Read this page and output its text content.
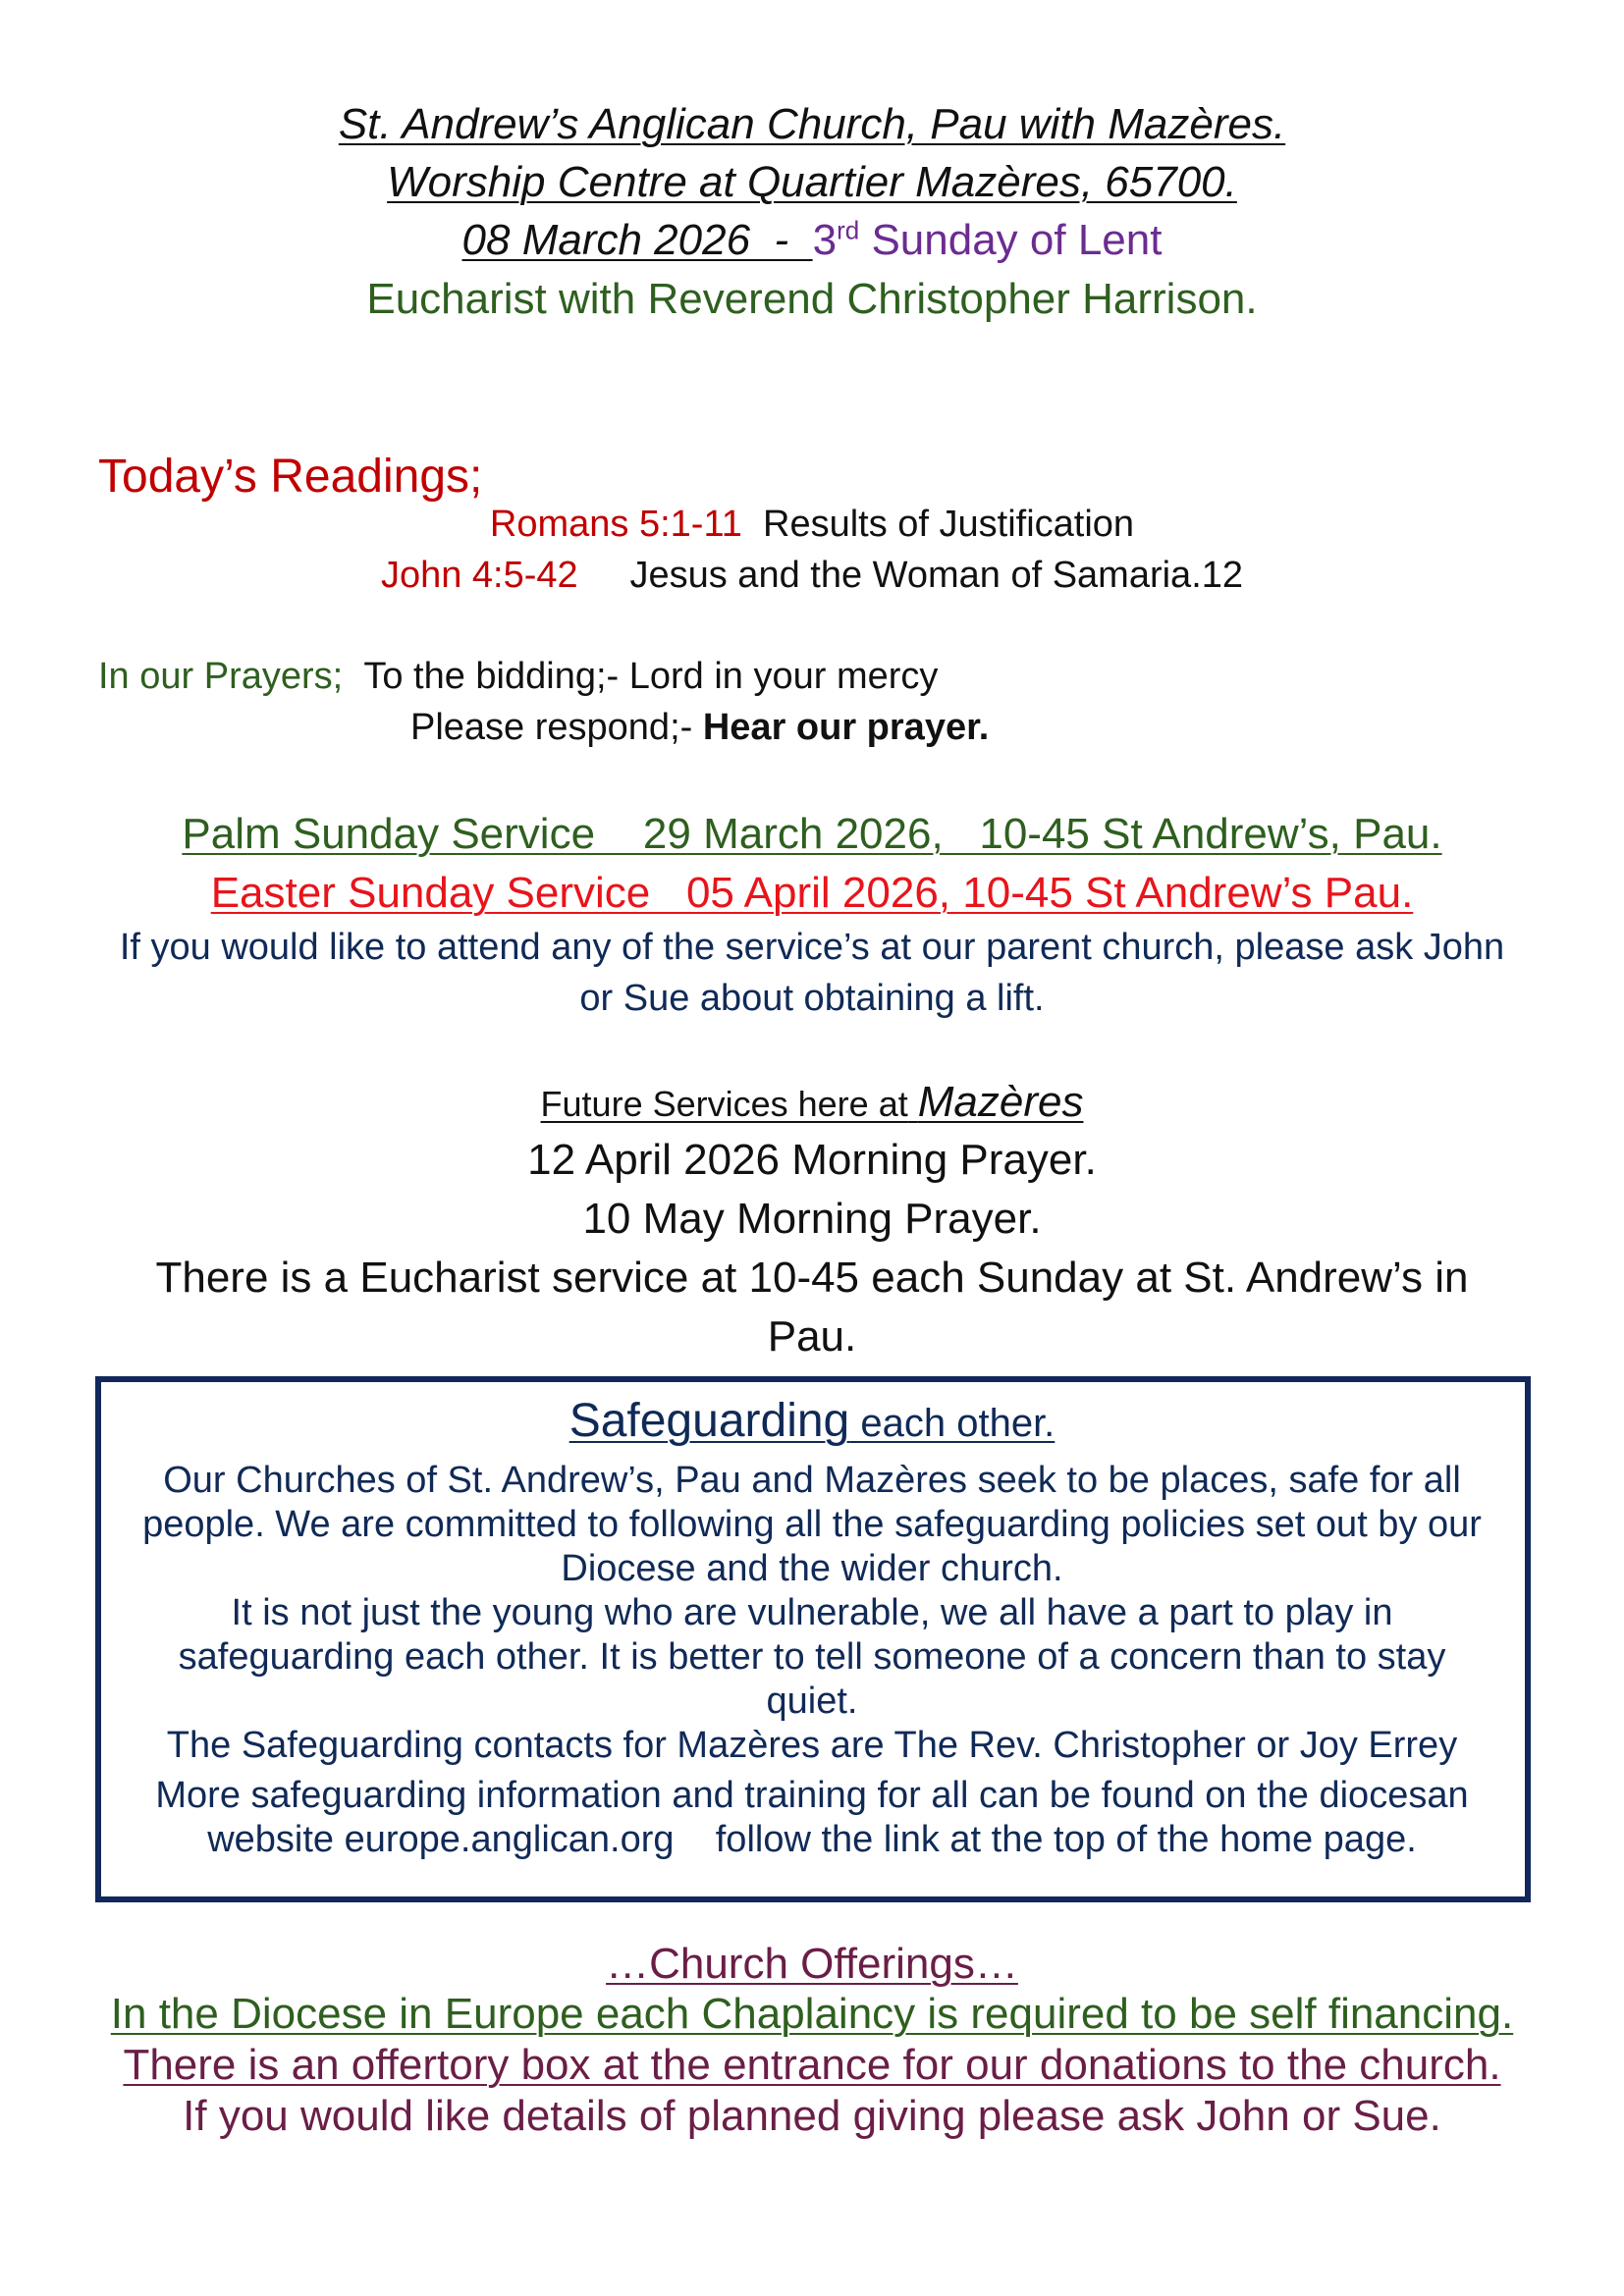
St. Andrew’s Anglican Church, Pau with Mazères.
Worship Centre at Quartier Mazères, 65700.
08 March 2026  -  3rd Sunday of Lent
Eucharist with Reverend Christopher Harrison.
Today’s Readings;
Romans 5:1-11 Results of Justification
John 4:5-42 Jesus and the Woman of Samaria.12
In our Prayers; To the bidding;- Lord in your mercy
Please respond;- Hear our prayer.
Palm Sunday Service    29 March 2026,   10-45 St Andrew’s, Pau.
Easter Sunday Service   05 April 2026, 10-45 St Andrew’s Pau.
If you would like to attend any of the service’s at our parent church, please ask John
or Sue about obtaining a lift.
Future Services here at Mazères
12 April 2026 Morning Prayer.
10 May Morning Prayer.
There is a Eucharist service at 10-45 each Sunday at St. Andrew’s in
Pau.
Safeguarding each other.
Our Churches of St. Andrew’s, Pau and Mazères seek to be places, safe for all
people. We are committed to following all the safeguarding policies set out by our
Diocese and the wider church.
It is not just the young who are vulnerable, we all have a part to play in
safeguarding each other. It is better to tell someone of a concern than to stay
quiet.
The Safeguarding contacts for Mazères are The Rev. Christopher or Joy Errey
More safeguarding information and training for all can be found on the diocesan
website europe.anglican.org    follow the link at the top of the home page.
…Church Offerings…
In the Diocese in Europe each Chaplaincy is required to be self financing.
There is an offertory box at the entrance for our donations to the church.
If you would like details of planned giving please ask John or Sue.
